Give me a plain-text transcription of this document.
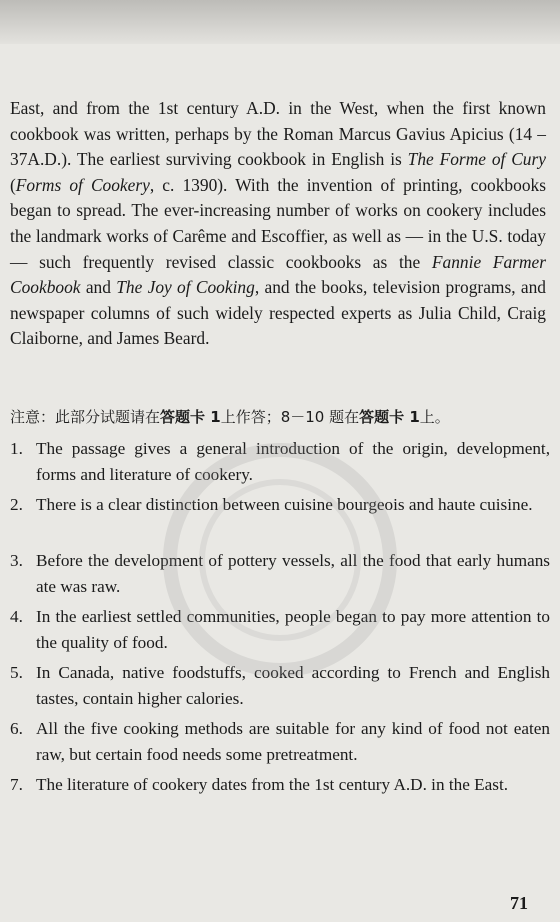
East, and from the 1st century A.D. in the West, when the first known cookbook was written, perhaps by the Roman Marcus Gavius Apicius (14 – 37A.D.). The earliest surviving cookbook in English is The Forme of Cury (Forms of Cookery, c. 1390). With the invention of printing, cookbooks began to spread. The ever-increasing number of works on cookery includes the landmark works of Carême and Escoffier, as well as — in the U.S. today — such frequently revised classic cookbooks as the Fannie Farmer Cookbook and The Joy of Cooking, and the books, television programs, and newspaper columns of such widely respected experts as Julia Child, Craig Claiborne, and James Beard.

注意：此部分试题请在答题卡 1上作答；8－10 题在答题卡 1上。

1. The passage gives a general introduction of the origin, development, forms and literature of cookery.
2. There is a clear distinction between cuisine bourgeois and haute cuisine.
3. Before the development of pottery vessels, all the food that early humans ate was raw.
4. In the earliest settled communities, people began to pay more attention to the quality of food.
5. In Canada, native foodstuffs, cooked according to French and English tastes, contain higher calories.
6. All the five cooking methods are suitable for any kind of food not eaten raw, but certain food needs some pretreatment.
7. The literature of cookery dates from the 1st century A.D. in the East.
71
